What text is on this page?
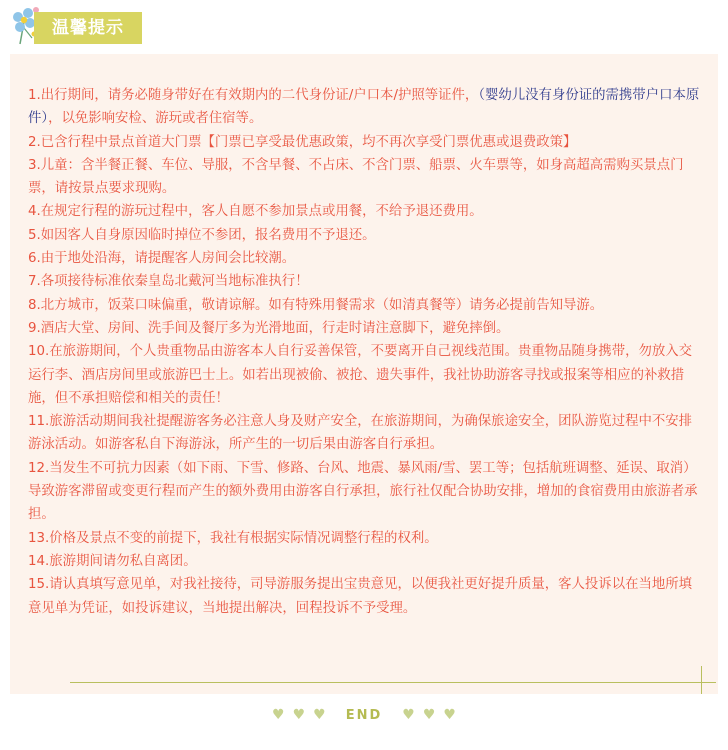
温馨提示
1.出行期间，请务必随身带好在有效期内的二代身份证/户口本/护照等证件，（婴幼儿没有身份证的需携带户口本原件），以免影响安检、游玩或者住宿等。
2.已含行程中景点首道大门票【门票已享受最优惠政策，均不再次享受门票优惠或退费政策】
3.儿童：含半餐正餐、车位、导服，不含早餐、不占床、不含门票、船票、火车票等，如身高超高需购买景点门票，请按景点要求现购。
4.在规定行程的游玩过程中，客人自愿不参加景点或用餐，不给予退还费用。
5.如因客人自身原因临时掉位不参团，报名费用不予退还。
6.由于地处沿海，请提醒客人房间会比较潮。
7.各项接待标准依秦皇岛北戴河当地标准执行！
8.北方城市，饭菜口味偏重，敬请谅解。如有特殊用餐需求（如清真餐等）请务必提前告知导游。
9.酒店大堂、房间、洗手间及餐厅多为光滑地面，行走时请注意脚下，避免摔倒。
10.在旅游期间，个人贵重物品由游客本人自行妥善保管，不要离开自己视线范围。贵重物品随身携带，勿放入交运行李、酒店房间里或旅游巴士上。如若出现被偷、被抢、遗失事件，我社协助游客寻找或报案等相应的补救措施，但不承担赔偿和相关的责任！
11.旅游活动期间我社提醒游客务必注意人身及财产安全，在旅游期间，为确保旅途安全，团队游览过程中不安排游泳活动。如游客私自下海游泳，所产生的一切后果由游客自行承担。
12.当发生不可抗力因素（如下雨、下雪、修路、台风、地震、暴风雨/雪、罢工等；包括航班调整、延误、取消）导致游客滞留或变更行程而产生的额外费用由游客自行承担，旅行社仅配合协助安排，增加的食宿费用由旅游者承担。
13.价格及景点不变的前提下，我社有根据实际情况调整行程的权利。
14.旅游期间请勿私自离团。
15.请认真填写意见单，对我社接待，司导游服务提出宝贵意见，以便我社更好提升质量，客人投诉以在当地所填意见单为凭证，如投诉建议，当地提出解决，回程投诉不予受理。
♥ ♥ ♥ END ♥ ♥ ♥
